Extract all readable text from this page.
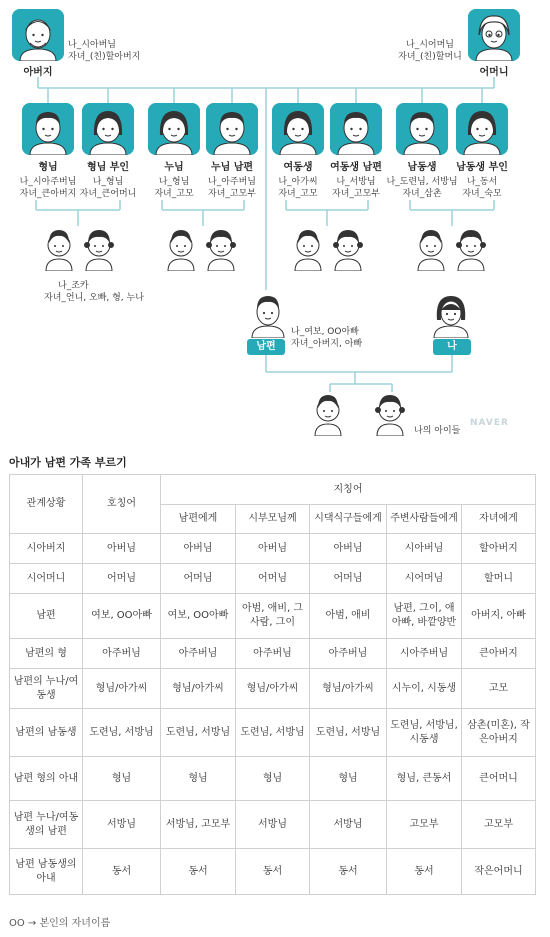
아버지
나_시아버님
자녀_(친)할아버지
어머니
나_시어머님
자녀_(친)할머니
형님
나_시아주버님
자녀_큰아버지
형님 부인
나_형님
자녀_큰어머니
누님
나_형님
자녀_고모
누님 남편
나_아주버님
자녀_고모부
여동생
나_아가씨
자녀_고모
여동생 남편
나_서방님
자녀_고모부
남동생
나_도련님, 서방님
자녀_삼촌
남동생 부인
나_동서
자녀_숙모
나_조카
자녀_언니, 오빠, 형, 누나
남편
나_여보, OO아빠
자녀_아버지, 아빠	나
나의 아이들
NAVER
아내가 남편 가족 부르기
관계상황	호칭어	지칭어				
		남편에게	시부모님께	시댁식구들에게	주변사람들에게	자녀에게
시아버지	아버님	아버님	아버님	아버님	시아버님	할아버지
시어머니	어머님	어머님	어머님	어머님	시어머님	할머니
남편	여보, OO아빠	여보, OO아빠	아범, 애비, 그사람, 그이	아범, 애비	남편, 그이, 애아빠, 바깥양반	아버지, 아빠
남편의 형	아주버님	아주버님	아주버님	아주버님	시아주버님	큰아버지
남편의 누나/여동생	형님/아가씨	형님/아가씨	형님/아가씨	형님/아가씨	시누이, 시동생	고모
남편의 남동생	도련님, 서방님	도련님, 서방님	도련님, 서방님	도련님, 서방님	도련님, 서방님, 시동생	삼촌(미혼), 작은아버지
남편 형의 아내	형님	형님	형님	형님	형님, 큰동서	큰어머니
남편 누나/여동생의 남편	서방님	서방님, 고모부	서방님	서방님	고모부	고모부
남편 남동생의 아내	동서	동서	동서	동서	동서	작은어머니
OO → 본인의 자녀이름
